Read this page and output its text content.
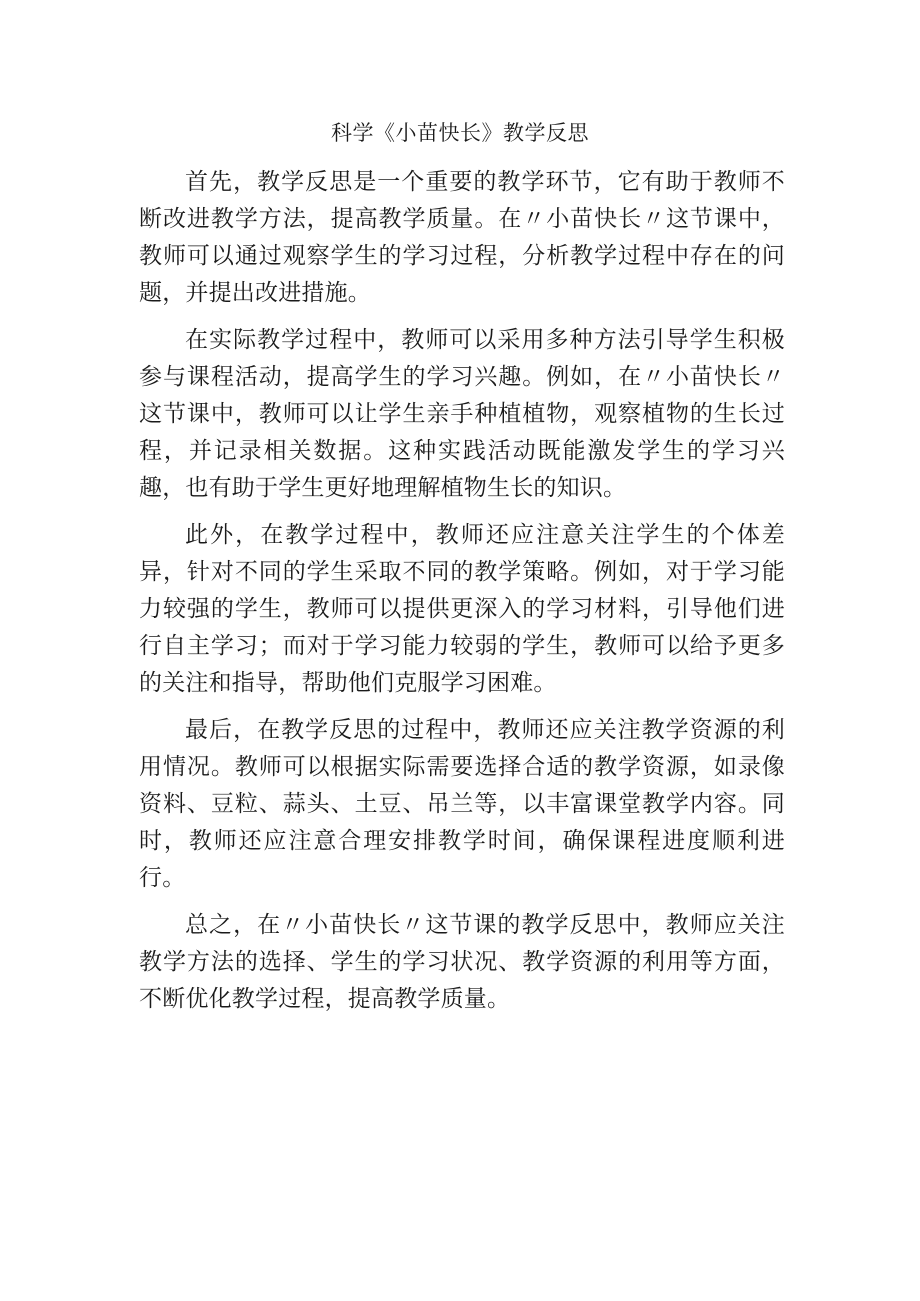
科学《小苗快长》教学反思

首先，教学反思是一个重要的教学环节，它有助于教师不断改进教学方法，提高教学质量。在〃小苗快长〃这节课中，教师可以通过观察学生的学习过程，分析教学过程中存在的问题，并提出改进措施。

在实际教学过程中，教师可以采用多种方法引导学生积极参与课程活动，提高学生的学习兴趣。例如，在〃小苗快长〃这节课中，教师可以让学生亲手种植植物，观察植物的生长过程，并记录相关数据。这种实践活动既能激发学生的学习兴趣，也有助于学生更好地理解植物生长的知识。

此外，在教学过程中，教师还应注意关注学生的个体差异，针对不同的学生采取不同的教学策略。例如，对于学习能力较强的学生，教师可以提供更深入的学习材料，引导他们进行自主学习；而对于学习能力较弱的学生，教师可以给予更多的关注和指导，帮助他们克服学习困难。

最后，在教学反思的过程中，教师还应关注教学资源的利用情况。教师可以根据实际需要选择合适的教学资源，如录像资料、豆粒、蒜头、土豆、吊兰等，以丰富课堂教学内容。同时，教师还应注意合理安排教学时间，确保课程进度顺利进行。

总之，在〃小苗快长〃这节课的教学反思中，教师应关注教学方法的选择、学生的学习状况、教学资源的利用等方面，不断优化教学过程，提高教学质量。
